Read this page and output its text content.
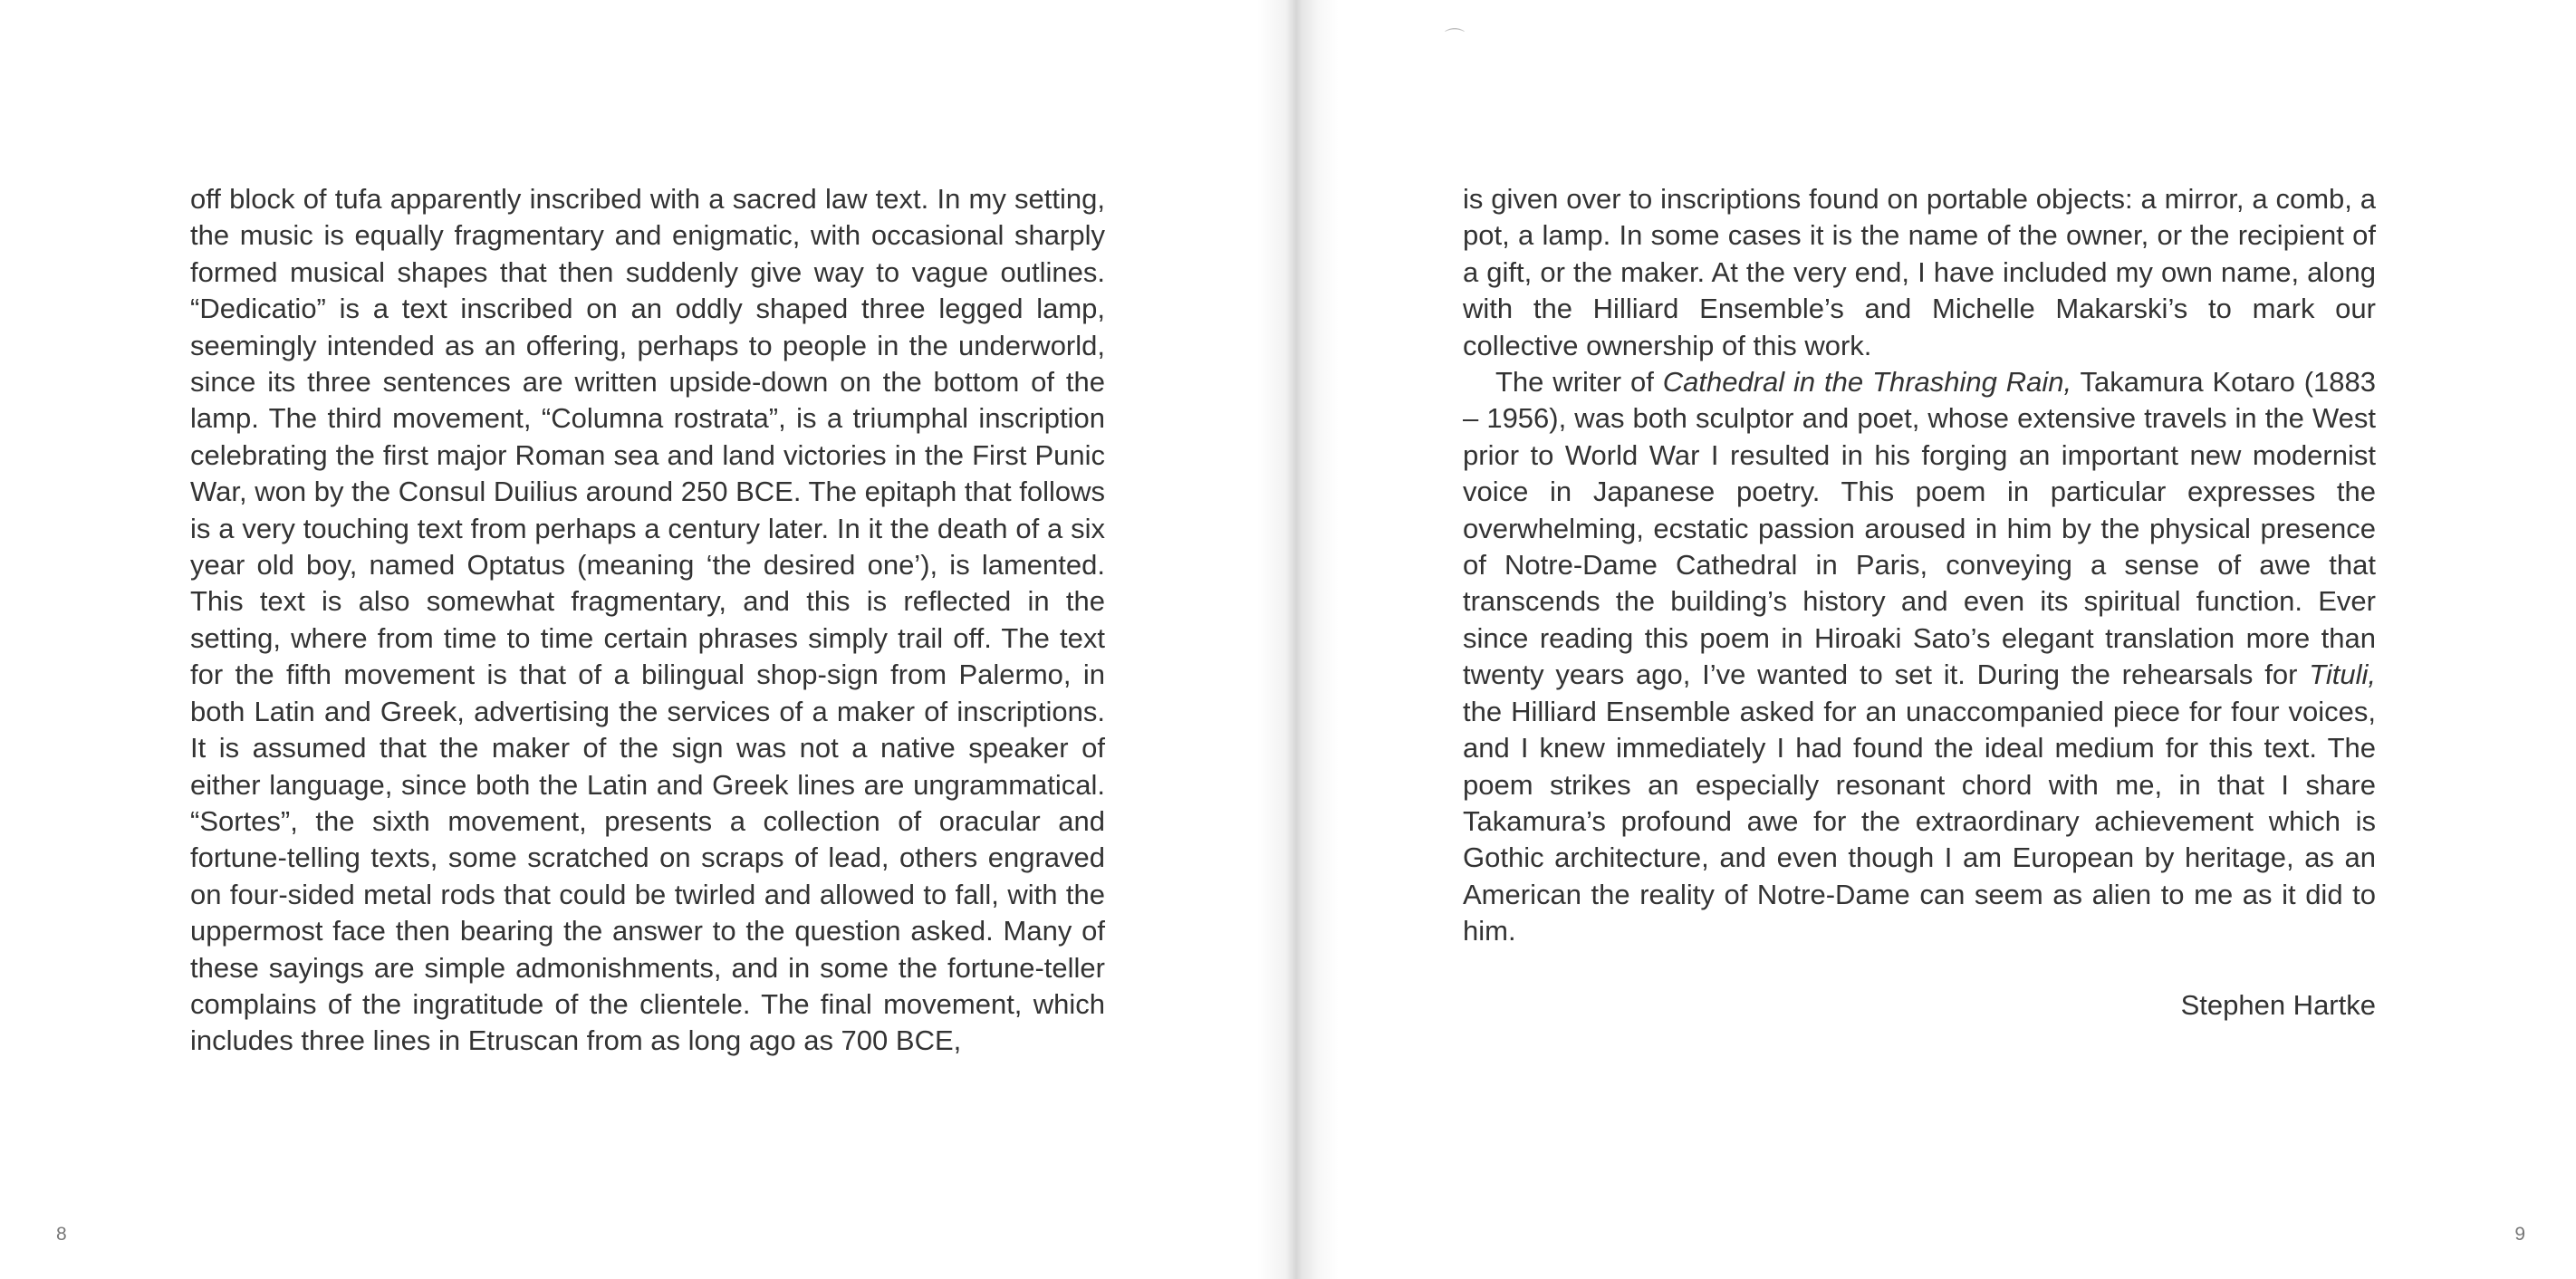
off block of tufa apparently inscribed with a sacred law text. In my setting, the music is equally fragmentary and enigmatic, with occasional sharply formed musical shapes that then suddenly give way to vague outlines. “Dedicatio” is a text inscribed on an oddly shaped three legged lamp, seemingly intended as an offering, perhaps to people in the underworld, since its three sentences are written upside-down on the bottom of the lamp. The third movement, “Columna rostrata”, is a triumphal inscription celebrating the first major Roman sea and land victories in the First Punic War, won by the Consul Duilius around 250 BCE. The epitaph that follows is a very touching text from perhaps a century later. In it the death of a six year old boy, named Optatus (meaning ‘the desired one’), is lamented. This text is also somewhat fragmentary, and this is reflected in the setting, where from time to time certain phrases simply trail off. The text for the fifth movement is that of a bilingual shop-sign from Palermo, in both Latin and Greek, advertising the services of a maker of inscriptions. It is assumed that the maker of the sign was not a native speaker of either language, since both the Latin and Greek lines are ungrammatical. “Sortes”, the sixth movement, presents a collection of oracular and fortune-telling texts, some scratched on scraps of lead, others engraved on four-sided metal rods that could be twirled and allowed to fall, with the uppermost face then bearing the answer to the question asked. Many of these sayings are simple admonishments, and in some the fortune-teller complains of the ingratitude of the clientele. The final movement, which includes three lines in Etruscan from as long ago as 700 BCE,

8
⌒

is given over to inscriptions found on portable objects: a mirror, a comb, a pot, a lamp. In some cases it is the name of the owner, or the recipient of a gift, or the maker. At the very end, I have included my own name, along with the Hilliard Ensemble’s and Michelle Makarski’s to mark our collective ownership of this work.

The writer of Cathedral in the Thrashing Rain, Takamura Kotaro (1883 – 1956), was both sculptor and poet, whose extensive travels in the West prior to World War I resulted in his forging an important new modernist voice in Japanese poetry. This poem in particular expresses the overwhelming, ecstatic passion aroused in him by the physical presence of Notre-Dame Cathedral in Paris, conveying a sense of awe that transcends the building’s history and even its spiritual function. Ever since reading this poem in Hiroaki Sato’s elegant translation more than twenty years ago, I’ve wanted to set it. During the rehearsals for Tituli, the Hilliard Ensemble asked for an unaccompanied piece for four voices, and I knew immediately I had found the ideal medium for this text. The poem strikes an especially resonant chord with me, in that I share Takamura’s profound awe for the extraordinary achievement which is Gothic architecture, and even though I am European by heritage, as an American the reality of Notre-Dame can seem as alien to me as it did to him.

Stephen Hartke
9
